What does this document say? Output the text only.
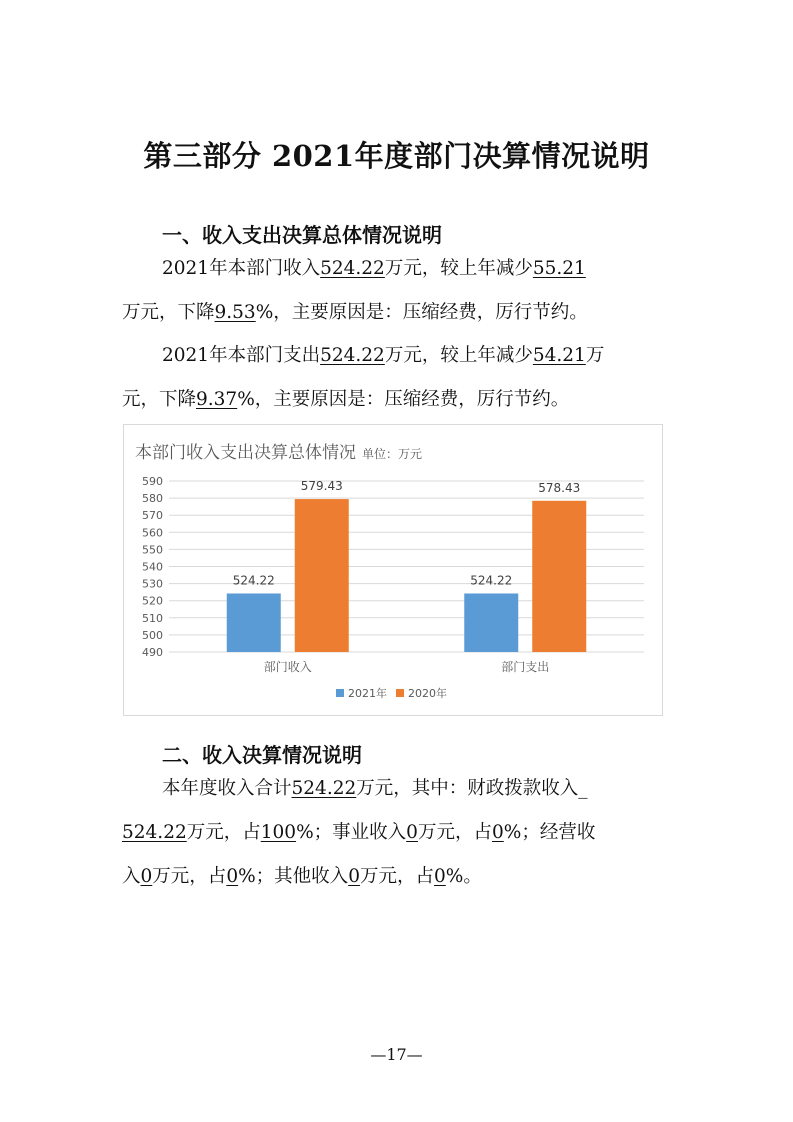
第三部分 2021年度部门决算情况说明
一、收入支出决算总体情况说明
2021年本部门收入524.22万元，较上年减少55.21
万元，下降9.53%，主要原因是：压缩经费，厉行节约。
2021年本部门支出524.22万元，较上年减少54.21万
元，下降9.37%，主要原因是：压缩经费，厉行节约。
本部门收入支出决算总体情况 单位：万元
490
500
510
520
530
540
550
560
570
580
590
524.22
579.43
部门收入
524.22
578.43
部门支出
2021年 2020年
二、收入决算情况说明
本年度收入合计524.22万元，其中：财政拨款收入_
524.22万元，占100%；事业收入0万元，占0%；经营收
入0万元，占0%；其他收入0万元，占0%。
—17—
